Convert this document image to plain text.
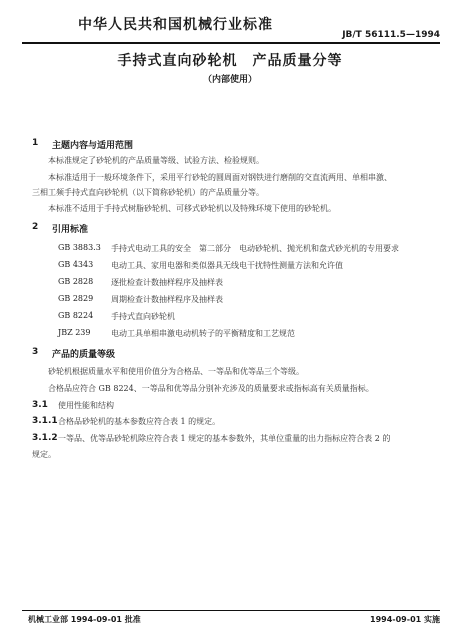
中华人民共和国机械行业标准
JB/T 56111.5—1994
手持式直向砂轮机　产品质量分等
（内部使用）
1 主题内容与适用范围
本标准规定了砂轮机的产品质量等级、试验方法、检验规则。
本标准适用于一般环境条件下，采用平行砂轮的圆周面对钢铁进行磨削的交直流两用、单相串激、
三相工频手持式直向砂轮机（以下简称砂轮机）的产品质量分等。
本标准不适用于手持式树脂砂轮机、可移式砂轮机以及特殊环境下使用的砂轮机。
2 引用标准
GB 3883.3 手持式电动工具的安全　第二部分　电动砂轮机、抛光机和盘式砂光机的专用要求
GB 4343 电动工具、家用电器和类似器具无线电干扰特性测量方法和允许值
GB 2828 逐批检查计数抽样程序及抽样表
GB 2829 周期检查计数抽样程序及抽样表
GB 8224 手持式直向砂轮机
JBZ 239	电动工具单相串激电动机转子的平衡精度和工艺规范
3 产品的质量等级
砂轮机根据质量水平和使用价值分为合格品、一等品和优等品三个等级。
合格品应符合 GB 8224、一等品和优等品分别补充涉及的质量要求或指标高有关质量指标。
3.1 使用性能和结构
3.1.1 合格品砂轮机的基本参数应符合表 1 的规定。
3.1.2 一等品、优等品砂轮机除应符合表 1 规定的基本参数外，其单位重量的出力指标应符合表 2 的
规定。
机械工业部 1994-09-01 批准	1994-09-01 实施
